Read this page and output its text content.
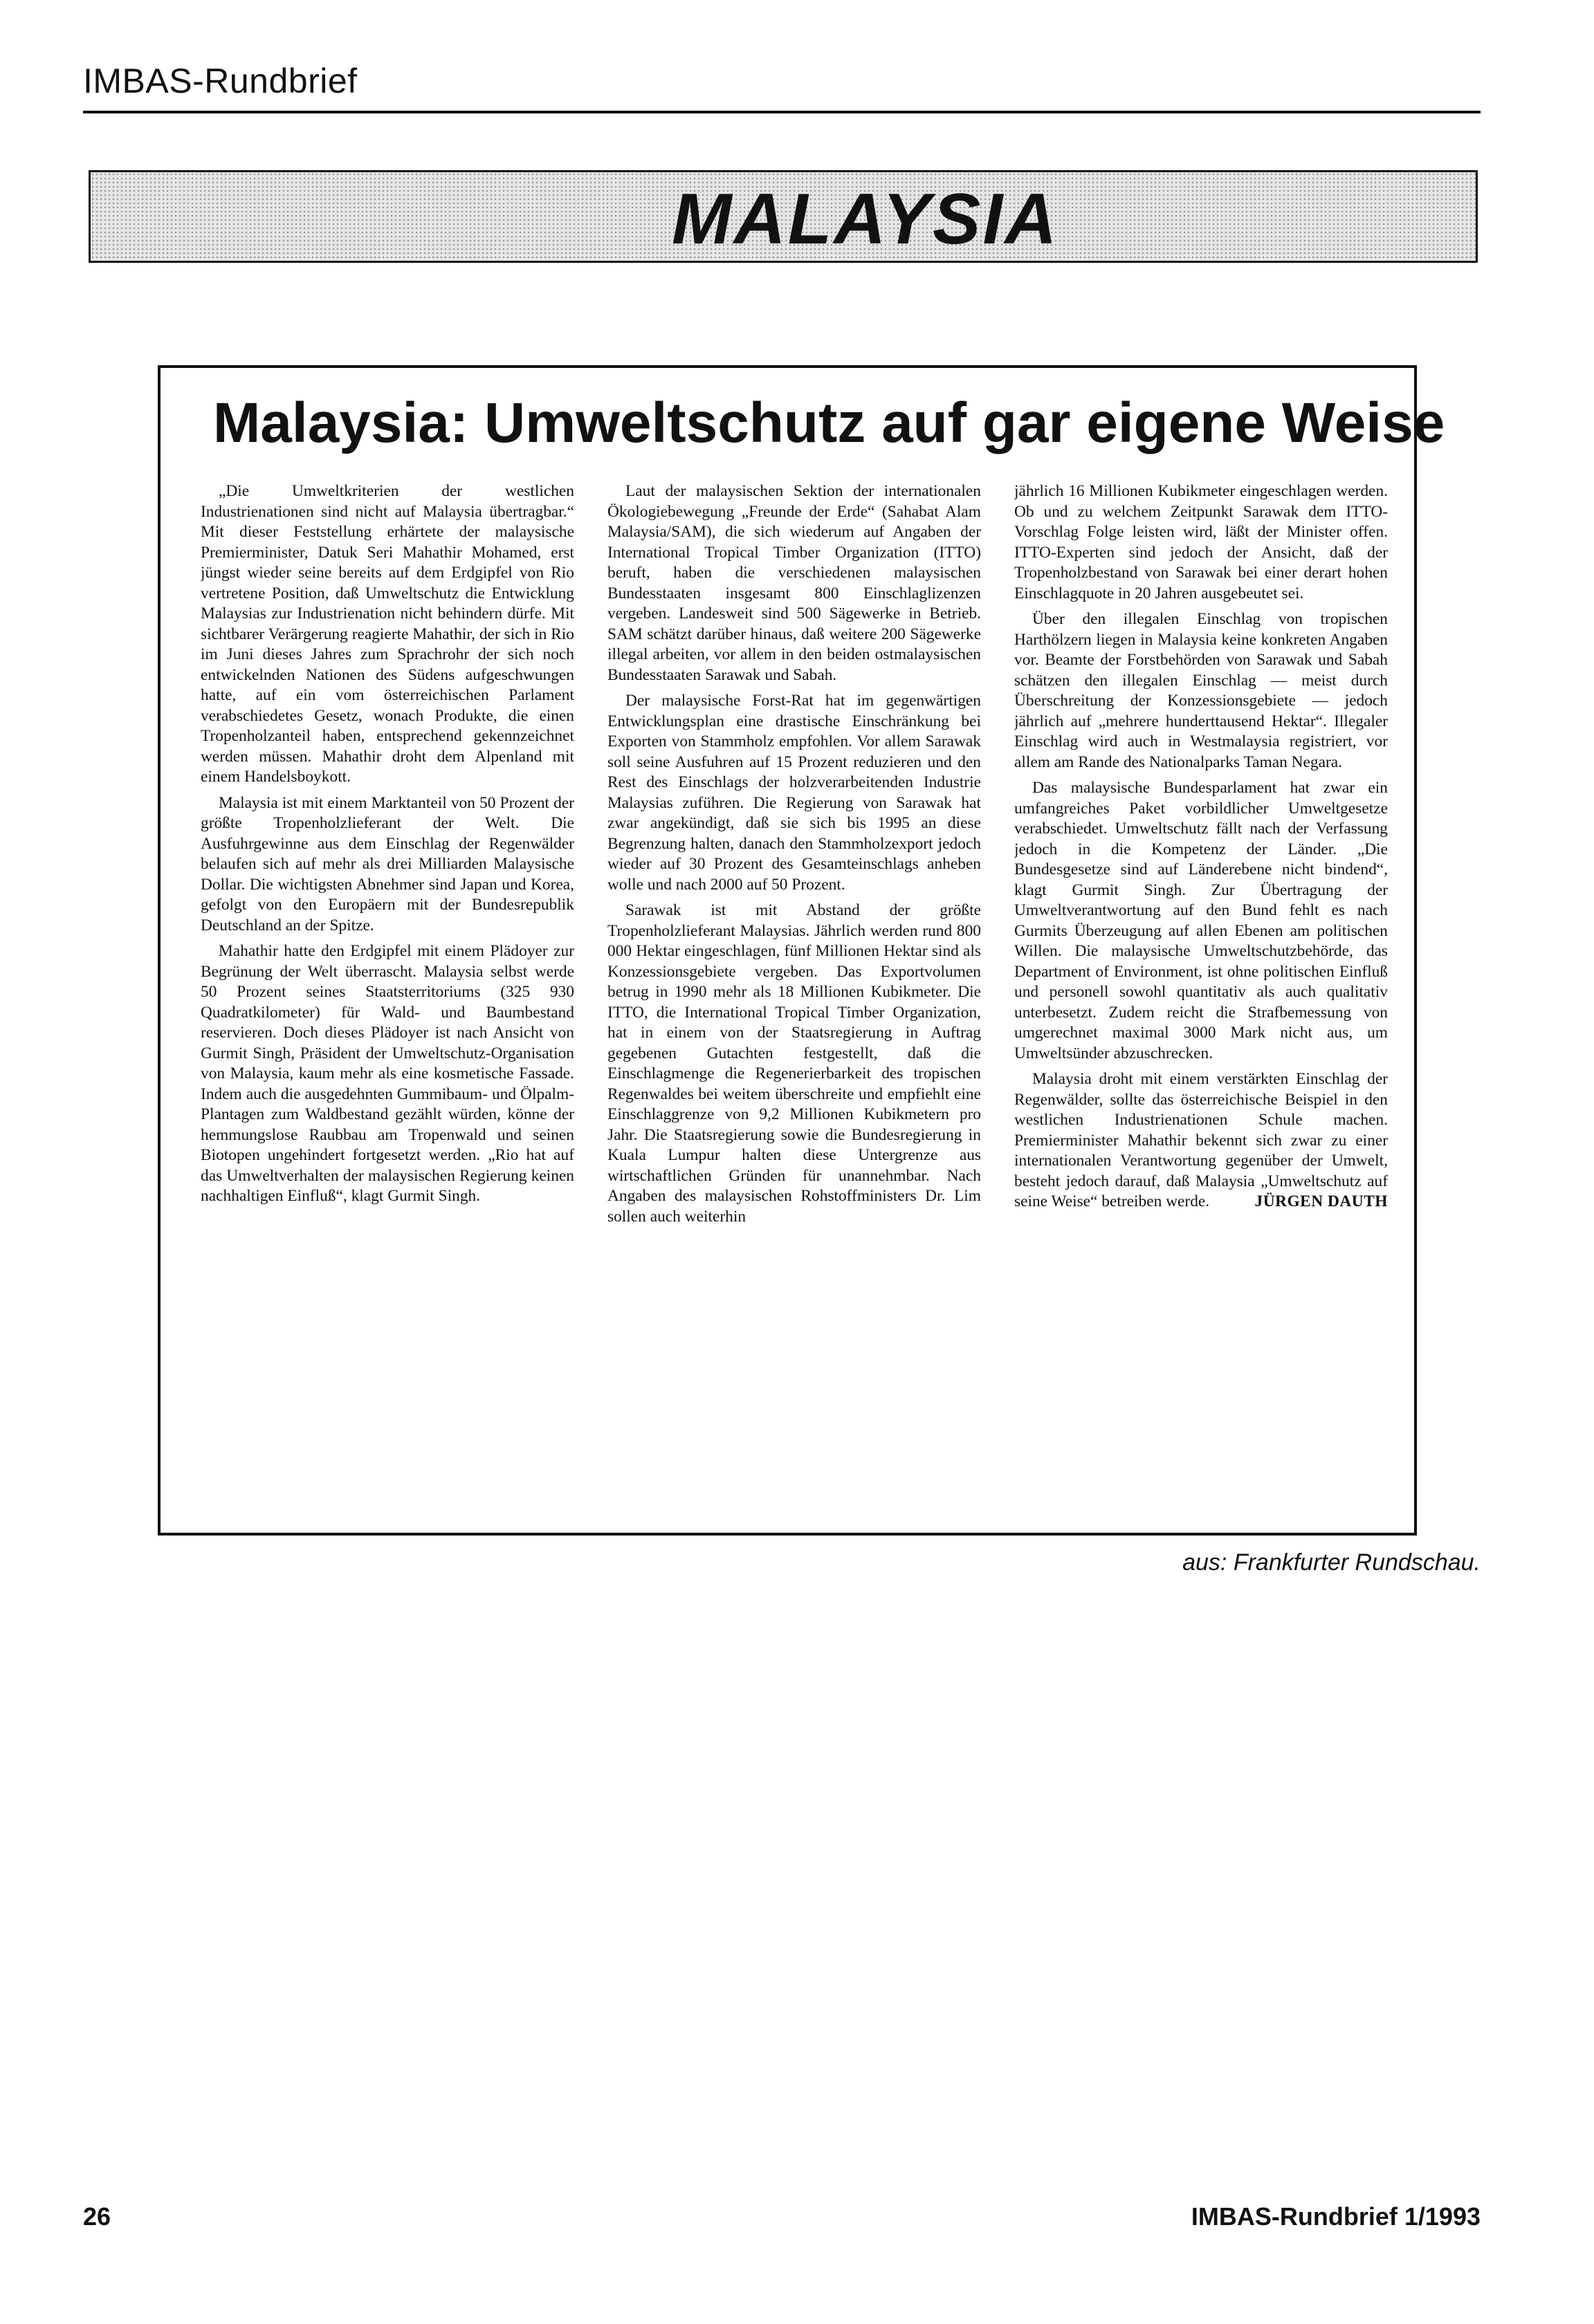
IMBAS-Rundbrief
MALAYSIA
Malaysia: Umweltschutz auf gar eigene Weise

„Die Umweltkriterien der westlichen Industrienationen sind nicht auf Malaysia übertragbar.“ Mit dieser Feststellung erhärtete der malaysische Premierminister, Datuk Seri Mahathir Mohamed, erst jüngst wieder seine bereits auf dem Erdgipfel von Rio vertretene Position, daß Umweltschutz die Entwicklung Malaysias zur Industrienation nicht behindern dürfe. Mit sichtbarer Verärgerung reagierte Mahathir, der sich in Rio im Juni dieses Jahres zum Sprachrohr der sich noch entwickelnden Nationen des Südens aufgeschwungen hatte, auf ein vom österreichischen Parlament verabschiedetes Gesetz, wonach Produkte, die einen Tropenholzanteil haben, entsprechend gekennzeichnet werden müssen. Mahathir droht dem Alpenland mit einem Handelsboykott.

Malaysia ist mit einem Marktanteil von 50 Prozent der größte Tropenholzlieferant der Welt. Die Ausfuhrgewinne aus dem Einschlag der Regenwälder belaufen sich auf mehr als drei Milliarden Malaysische Dollar. Die wichtigsten Abnehmer sind Japan und Korea, gefolgt von den Europäern mit der Bundesrepublik Deutschland an der Spitze.

Mahathir hatte den Erdgipfel mit einem Plädoyer zur Begrünung der Welt überrascht. Malaysia selbst werde 50 Prozent seines Staatsterritoriums (325 930 Quadratkilometer) für Wald- und Baumbestand reservieren. Doch dieses Plädoyer ist nach Ansicht von Gurmit Singh, Präsident der Umweltschutz-Organisation von Malaysia, kaum mehr als eine kosmetische Fassade. Indem auch die ausgedehnten Gummibaum- und Ölpalm-Plantagen zum Waldbestand gezählt würden, könne der hemmungslose Raubbau am Tropenwald und seinen Biotopen ungehindert fortgesetzt werden. „Rio hat auf das Umweltverhalten der malaysischen Regierung keinen nachhaltigen Einfluß“, klagt Gurmit Singh.

Laut der malaysischen Sektion der internationalen Ökologiebewegung „Freunde der Erde“ (Sahabat Alam Malaysia/SAM), die sich wiederum auf Angaben der International Tropical Timber Organization (ITTO) beruft, haben die verschiedenen malaysischen Bundesstaaten insgesamt 800 Einschlaglizenzen vergeben. Landesweit sind 500 Sägewerke in Betrieb. SAM schätzt darüber hinaus, daß weitere 200 Sägewerke illegal arbeiten, vor allem in den beiden ostmalaysischen Bundesstaaten Sarawak und Sabah.

Der malaysische Forst-Rat hat im gegenwärtigen Entwicklungsplan eine drastische Einschränkung bei Exporten von Stammholz empfohlen. Vor allem Sarawak soll seine Ausfuhren auf 15 Prozent reduzieren und den Rest des Einschlags der holzverarbeitenden Industrie Malaysias zuführen. Die Regierung von Sarawak hat zwar angekündigt, daß sie sich bis 1995 an diese Begrenzung halten, danach den Stammholzexport jedoch wieder auf 30 Prozent des Gesamteinschlags anheben wolle und nach 2000 auf 50 Prozent.

Sarawak ist mit Abstand der größte Tropenholzlieferant Malaysias. Jährlich werden rund 800 000 Hektar eingeschlagen, fünf Millionen Hektar sind als Konzessionsgebiete vergeben. Das Exportvolumen betrug in 1990 mehr als 18 Millionen Kubikmeter. Die ITTO, die International Tropical Timber Organization, hat in einem von der Staatsregierung in Auftrag gegebenen Gutachten festgestellt, daß die Einschlagmenge die Regenerierbarkeit des tropischen Regenwaldes bei weitem überschreite und empfiehlt eine Einschlaggrenze von 9,2 Millionen Kubikmetern pro Jahr. Die Staatsregierung sowie die Bundesregierung in Kuala Lumpur halten diese Untergrenze aus wirtschaftlichen Gründen für unannehmbar. Nach Angaben des malaysischen Rohstoffministers Dr. Lim sollen auch weiterhin

jährlich 16 Millionen Kubikmeter eingeschlagen werden. Ob und zu welchem Zeitpunkt Sarawak dem ITTO-Vorschlag Folge leisten wird, läßt der Minister offen. ITTO-Experten sind jedoch der Ansicht, daß der Tropenholzbestand von Sarawak bei einer derart hohen Einschlagquote in 20 Jahren ausgebeutet sei.

Über den illegalen Einschlag von tropischen Harthölzern liegen in Malaysia keine konkreten Angaben vor. Beamte der Forstbehörden von Sarawak und Sabah schätzen den illegalen Einschlag — meist durch Überschreitung der Konzessionsgebiete — jedoch jährlich auf „mehrere hunderttausend Hektar“. Illegaler Einschlag wird auch in Westmalaysia registriert, vor allem am Rande des Nationalparks Taman Negara.

Das malaysische Bundesparlament hat zwar ein umfangreiches Paket vorbildlicher Umweltgesetze verabschiedet. Umweltschutz fällt nach der Verfassung jedoch in die Kompetenz der Länder. „Die Bundesgesetze sind auf Länderebene nicht bindend“, klagt Gurmit Singh. Zur Übertragung der Umweltverantwortung auf den Bund fehlt es nach Gurmits Überzeugung auf allen Ebenen am politischen Willen. Die malaysische Umweltschutzbehörde, das Department of Environment, ist ohne politischen Einfluß und personell sowohl quantitativ als auch qualitativ unterbesetzt. Zudem reicht die Strafbemessung von umgerechnet maximal 3000 Mark nicht aus, um Umweltsünder abzuschrecken.

Malaysia droht mit einem verstärkten Einschlag der Regenwälder, sollte das österreichische Beispiel in den westlichen Industrienationen Schule machen. Premierminister Mahathir bekennt sich zwar zu einer internationalen Verantwortung gegenüber der Umwelt, besteht jedoch darauf, daß Malaysia „Umweltschutz auf seine Weise“ betreiben werde.	JÜRGEN DAUTH

aus: Frankfurter Rundschau.
26	IMBAS-Rundbrief 1/1993
